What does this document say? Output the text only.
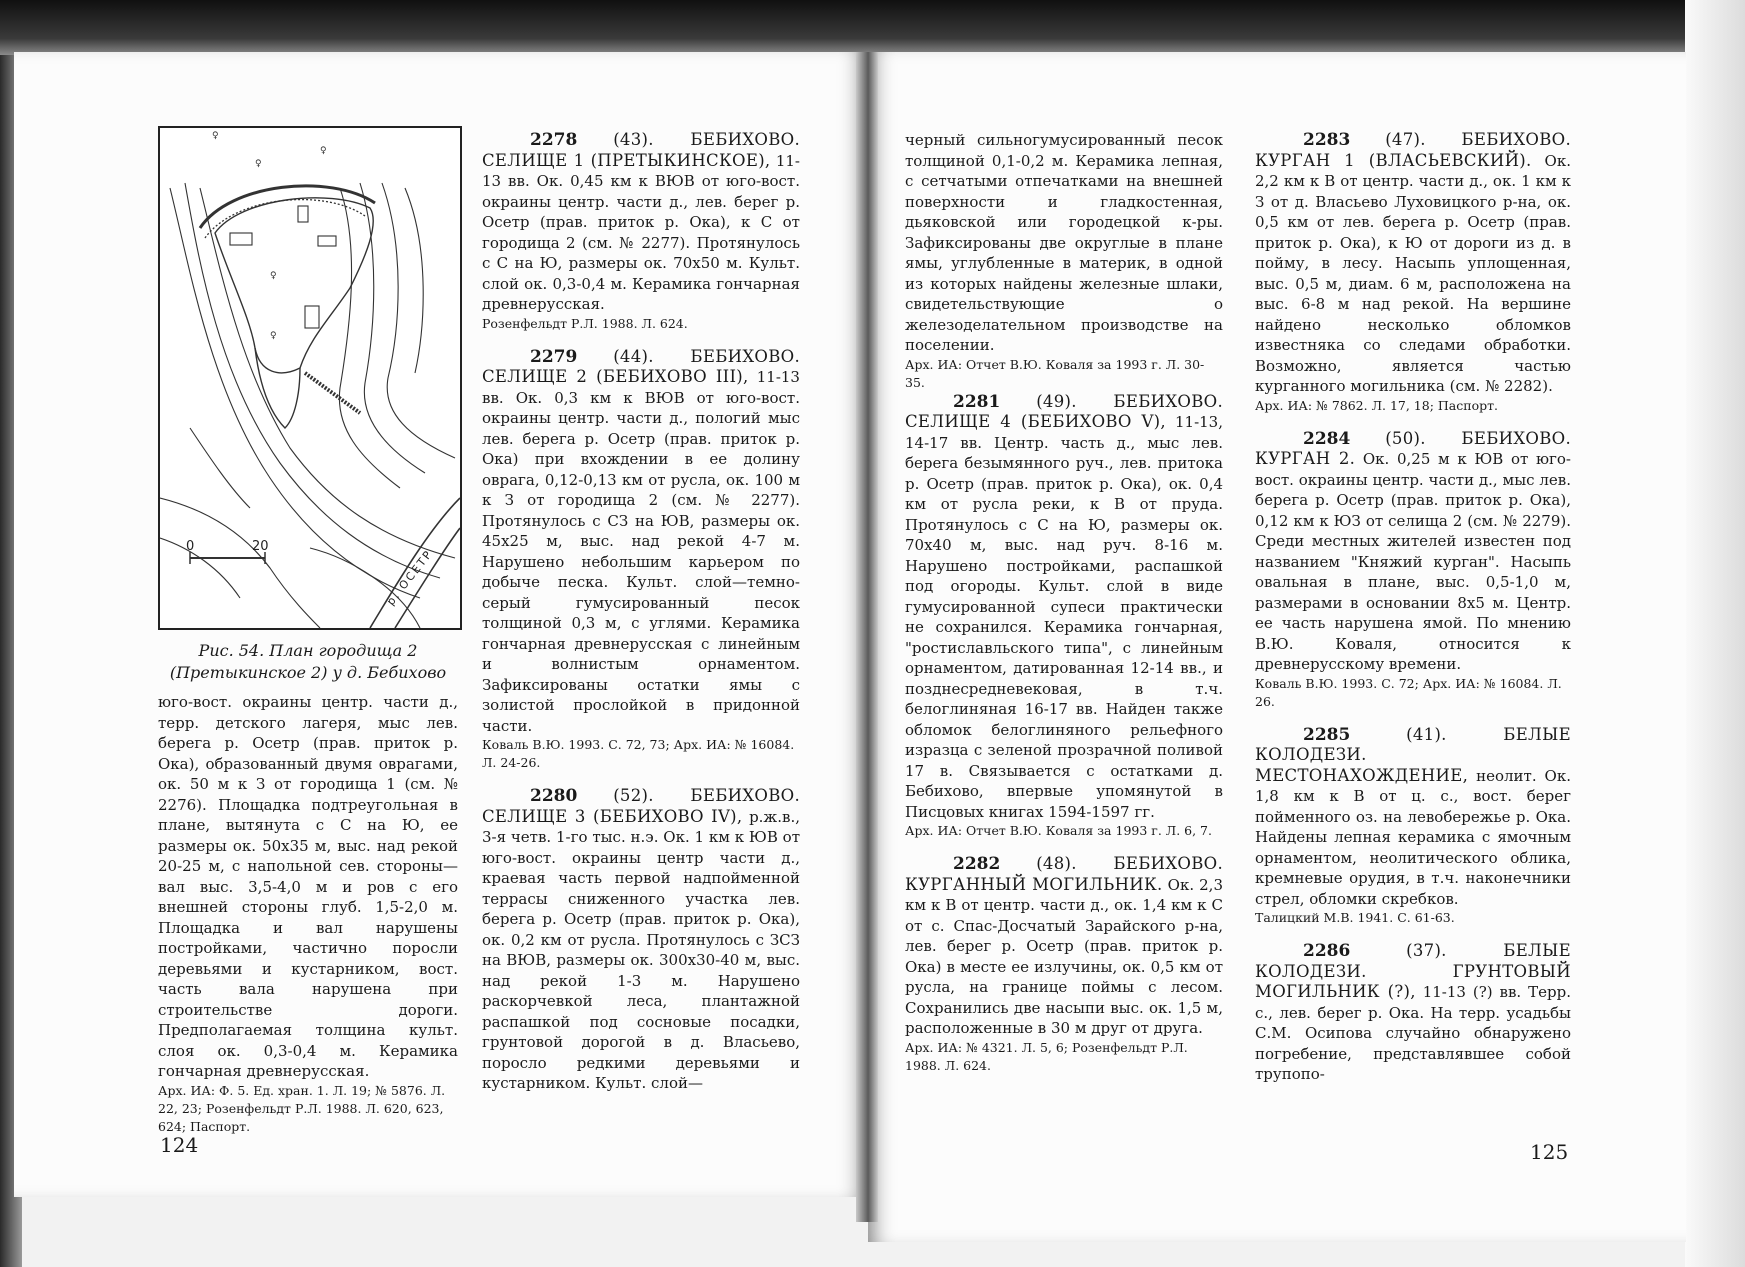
♀
♀
♀
♀
♀
0	20
р. ОСЕТР
Рис. 54. План городища 2
(Претыкинское 2) у д. Бебихово

юго-вост. окраины центр. части д., терр. детского лагеря, мыс лев. берега р. Осетр (прав. приток р. Ока), образованный двумя оврагами, ок. 50 м к З от городища 1 (см. № 2276). Площадка подтреугольная в плане, вытянута с С на Ю, ее размеры ок. 50х35 м, выс. над рекой 20-25 м, с напольной сев. стороны—вал выс. 3,5-4,0 м и ров с его внешней стороны глуб. 1,5-2,0 м. Площадка и вал нарушены постройками, частично поросли деревьями и кустарником, вост. часть вала нарушена при строительстве дороги. Предполагаемая толщина культ. слоя ок. 0,3-0,4 м. Керамика гончарная древнерусская.

Арх. ИА: Ф. 5. Ед. хран. 1. Л. 19; № 5876. Л. 22, 23; Розенфельдт Р.Л. 1988. Л. 620, 623, 624; Паспорт.

2278 (43). БЕБИХОВО. СЕЛИЩЕ 1 (ПРЕТЫКИНСКОЕ), 11-13 вв. Ок. 0,45 км к ВЮВ от юго-вост. окраины центр. части д., лев. берег р. Осетр (прав. приток р. Ока), к С от городища 2 (см. № 2277). Протянулось с С на Ю, размеры ок. 70х50 м. Культ. слой ок. 0,3-0,4 м. Керамика гончарная древнерусская.

Розенфельдт Р.Л. 1988. Л. 624.

2279 (44). БЕБИХОВО. СЕЛИЩЕ 2 (БЕБИХОВО III), 11-13 вв. Ок. 0,3 км к ВЮВ от юго-вост. окраины центр. части д., пологий мыс лев. берега р. Осетр (прав. приток р. Ока) при вхождении в ее долину оврага, 0,12-0,13 км от русла, ок. 100 м к З от городища 2 (см. № 2277). Протянулось с СЗ на ЮВ, размеры ок. 45х25 м, выс. над рекой 4-7 м. Нарушено небольшим карьером по добыче песка. Культ. слой—темно-серый гумусированный песок толщиной 0,3 м, с углями. Керамика гончарная древнерусская с линейным и волнистым орнаментом. Зафиксированы остатки ямы с золистой прослойкой в придонной части.

Коваль В.Ю. 1993. С. 72, 73; Арх. ИА: № 16084. Л. 24-26.

2280 (52). БЕБИХОВО. СЕЛИЩЕ 3 (БЕБИХОВО IV), р.ж.в., 3-я четв. 1-го тыс. н.э. Ок. 1 км к ЮВ от юго-вост. окраины центр части д., краевая часть первой надпойменной террасы сниженного участка лев. берега р. Осетр (прав. приток р. Ока), ок. 0,2 км от русла. Протянулось с ЗСЗ на ВЮВ, размеры ок. 300х30-40 м, выс. над рекой 1-3 м. Нарушено раскорчевкой леса, плантажной распашкой под сосновые посадки, грунтовой дорогой в д. Власьево, поросло редкими деревьями и кустарником. Культ. слой—

124

черный сильногумусированный песок толщиной 0,1-0,2 м. Керамика лепная, с сетчатыми отпечатками на внешней поверхности и гладкостенная, дьяковской или городецкой к-ры. Зафиксированы две округлые в плане ямы, углубленные в материк, в одной из которых найдены железные шлаки, свидетельствующие о железоделательном производстве на поселении.

Арх. ИА: Отчет В.Ю. Коваля за 1993 г. Л. 30-35.

2281 (49). БЕБИХОВО. СЕЛИЩЕ 4 (БЕБИХОВО V), 11-13, 14-17 вв. Центр. часть д., мыс лев. берега безымянного руч., лев. притока р. Осетр (прав. приток р. Ока), ок. 0,4 км от русла реки, к В от пруда. Протянулось с С на Ю, размеры ок. 70х40 м, выс. над руч. 8-16 м. Нарушено постройками, распашкой под огороды. Культ. слой в виде гумусированной супеси практически не сохранился. Керамика гончарная, "ростиславльского типа", с линейным орнаментом, датированная 12-14 вв., и позднесредневековая, в т.ч. белоглиняная 16-17 вв. Найден также обломок белоглиняного рельефного изразца с зеленой прозрачной поливой 17 в. Связывается с остатками д. Бебихово, впервые упомянутой в Писцовых книгах 1594-1597 гг.

Арх. ИА: Отчет В.Ю. Коваля за 1993 г. Л. 6, 7.

2282 (48). БЕБИХОВО. КУРГАННЫЙ МОГИЛЬНИК. Ок. 2,3 км к В от центр. части д., ок. 1,4 км к С от с. Спас-Досчатый Зарайского р-на, лев. берег р. Осетр (прав. приток р. Ока) в месте ее излучины, ок. 0,5 км от русла, на границе поймы с лесом. Сохранились две насыпи выс. ок. 1,5 м, расположенные в 30 м друг от друга.

Арх. ИА: № 4321. Л. 5, 6; Розенфельдт Р.Л. 1988. Л. 624.

2283 (47). БЕБИХОВО. КУРГАН 1 (ВЛАСЬЕВСКИЙ). Ок. 2,2 км к В от центр. части д., ок. 1 км к З от д. Власьево Луховицкого р-на, ок. 0,5 км от лев. берега р. Осетр (прав. приток р. Ока), к Ю от дороги из д. в пойму, в лесу. Насыпь уплощенная, выс. 0,5 м, диам. 6 м, расположена на выс. 6-8 м над рекой. На вершине найдено несколько обломков известняка со следами обработки. Возможно, является частью курганного могильника (см. № 2282).

Арх. ИА: № 7862. Л. 17, 18; Паспорт.

2284 (50). БЕБИХОВО. КУРГАН 2. Ок. 0,25 м к ЮВ от юго-вост. окраины центр. части д., мыс лев. берега р. Осетр (прав. приток р. Ока), 0,12 км к ЮЗ от селища 2 (см. № 2279). Среди местных жителей известен под названием "Княжий курган". Насыпь овальная в плане, выс. 0,5-1,0 м, размерами в основании 8х5 м. Центр. ее часть нарушена ямой. По мнению В.Ю. Коваля, относится к древнерусскому времени.

Коваль В.Ю. 1993. С. 72; Арх. ИА: № 16084. Л. 26.

2285	(41). БЕЛЫЕ КОЛОДЕЗИ. МЕСТОНАХОЖДЕНИЕ, неолит. Ок. 1,8 км к В от ц. с., вост. берег пойменного оз. на левобережье р. Ока. Найдены лепная керамика с ямочным орнаментом, неолитического облика, кремневые орудия, в т.ч. наконечники стрел, обломки скребков.

Талицкий М.В. 1941. С. 61-63.

2286	(37). БЕЛЫЕ КОЛОДЕЗИ. ГРУНТОВЫЙ МОГИЛЬНИК (?), 11-13 (?) вв. Терр. с., лев. берег р. Ока. На терр. усадьбы С.М. Осипова случайно обнаружено погребение, представлявшее собой трупопо-

125
